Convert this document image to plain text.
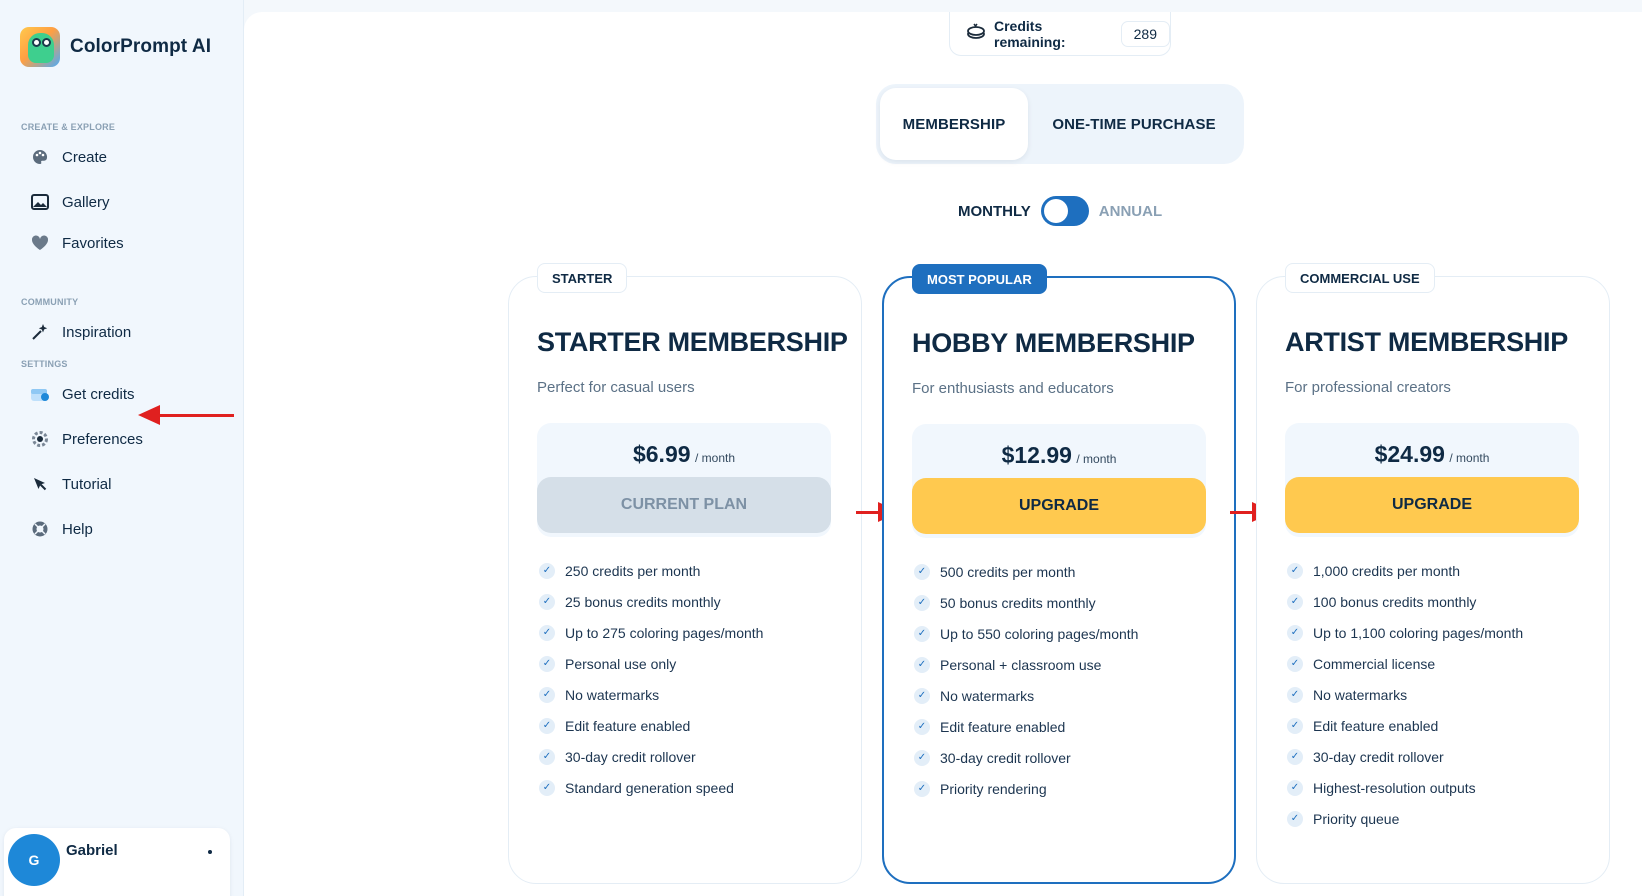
ColorPrompt AI
CREATE & EXPLORE
Create
Gallery
Favorites
COMMUNITY
Inspiration
SETTINGS
Get credits
Preferences
Tutorial
Help
G
Gabriel
Credits remaining:	289
MEMBERSHIP	ONE-TIME PURCHASE
MONTHLY	ANNUAL
STARTER
STARTER MEMBERSHIP

Perfect for casual users

$6.99 / month
CURRENT PLAN
✓ 250 credits per month
✓ 25 bonus credits monthly
✓ Up to 275 coloring pages/month
✓ Personal use only
✓ No watermarks
✓ Edit feature enabled
✓ 30-day credit rollover
✓ Standard generation speed
MOST POPULAR
HOBBY MEMBERSHIP

For enthusiasts and educators

$12.99 / month
UPGRADE
✓ 500 credits per month
✓ 50 bonus credits monthly
✓ Up to 550 coloring pages/month
✓ Personal + classroom use
✓ No watermarks
✓ Edit feature enabled
✓ 30-day credit rollover
✓ Priority rendering
COMMERCIAL USE
ARTIST MEMBERSHIP

For professional creators

$24.99 / month
UPGRADE
✓ 1,000 credits per month
✓ 100 bonus credits monthly
✓ Up to 1,100 coloring pages/month
✓ Commercial license
✓ No watermarks
✓ Edit feature enabled
✓ 30-day credit rollover
✓ Highest-resolution outputs
✓ Priority queue
